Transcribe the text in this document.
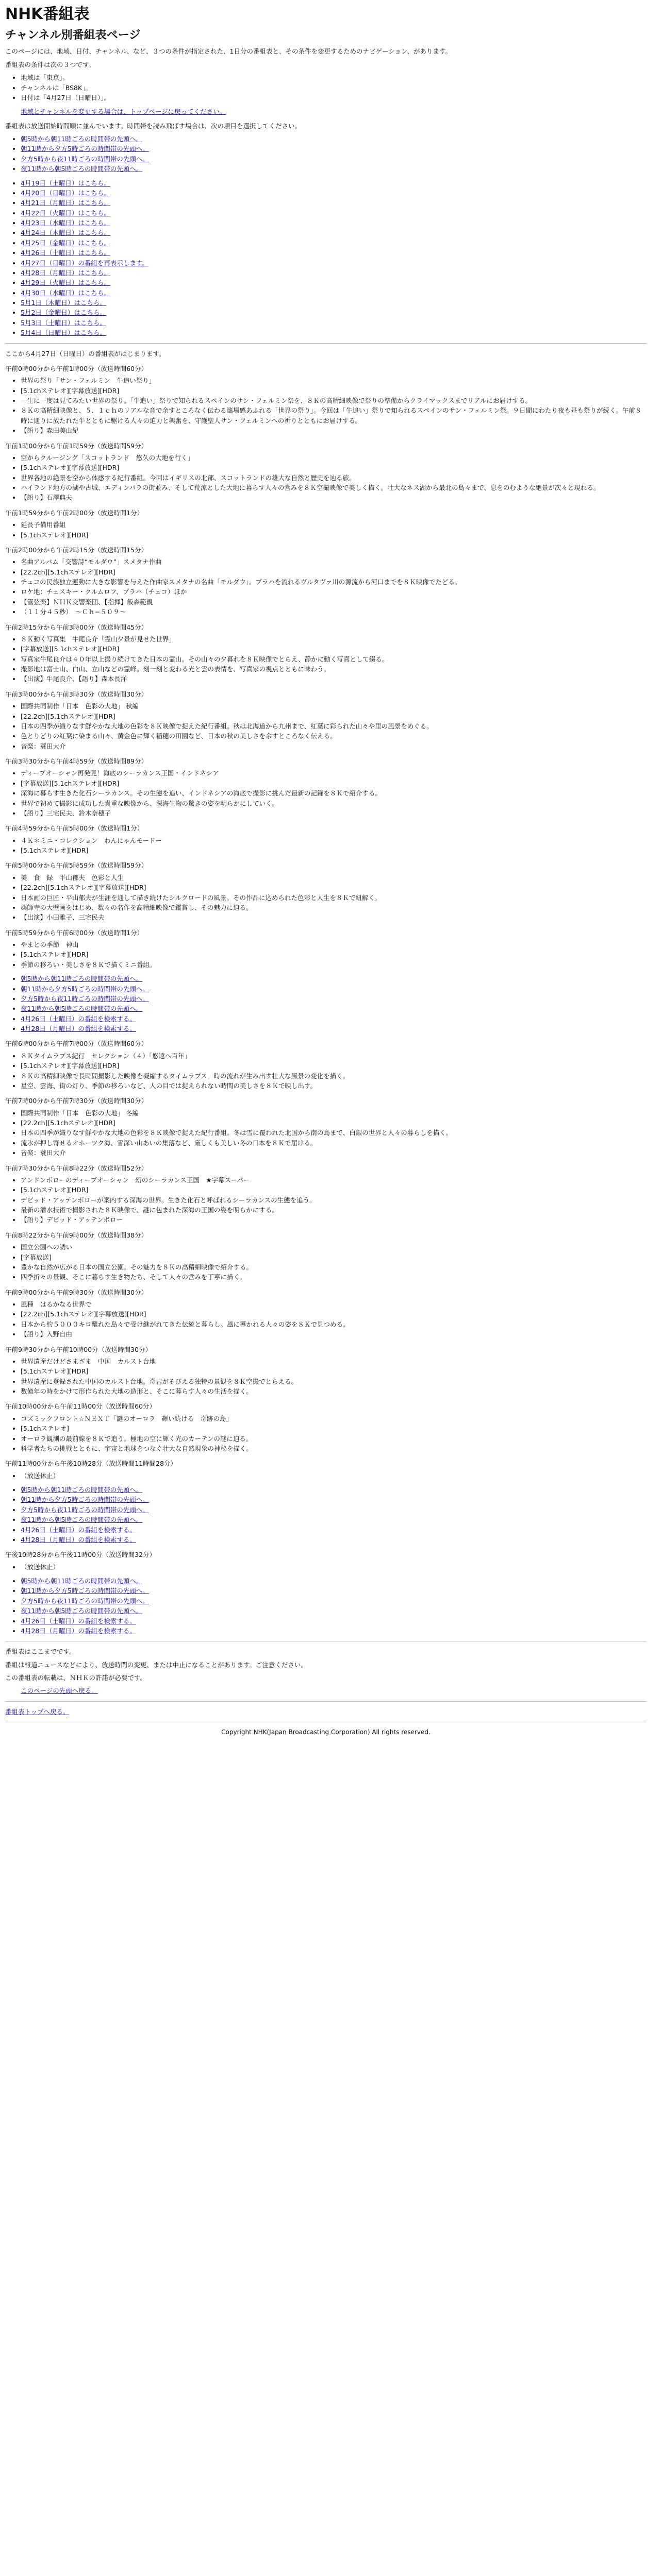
NHK番組表
チャンネル別番組表ページ

このページには、地域、日付、チャンネル、など、３つの条件が指定された、1日分の番組表と、その条件を変更するためのナビゲーション、があります。

番組表の条件は次の３つです。

• 地域は「東京」。
• チャンネルは「BS8K」。
• 日付は「4月27日（日曜日）」。
地域とチャンネルを変更する場合は、トップページに戻ってください。

番組表は放送開始時間順に並んでいます。時間帯を読み飛ばす場合は、次の項目を選択してください。

• 朝5時から朝11時ごろの時間帯の先頭へ。
• 朝11時から夕方5時ごろの時間帯の先頭へ。
• 夕方5時から夜11時ごろの時間帯の先頭へ。
• 夜11時から朝5時ごろの時間帯の先頭へ。
• 4月19日（土曜日）はこちら。
• 4月20日（日曜日）はこちら。
• 4月21日（月曜日）はこちら。
• 4月22日（火曜日）はこちら。
• 4月23日（水曜日）はこちら。
• 4月24日（木曜日）はこちら。
• 4月25日（金曜日）はこちら。
• 4月26日（土曜日）はこちら。
• 4月27日（日曜日）の番組を再表示します。
• 4月28日（月曜日）はこちら。
• 4月29日（火曜日）はこちら。
• 4月30日（水曜日）はこちら。
• 5月1日（木曜日）はこちら。
• 5月2日（金曜日）はこちら。
• 5月3日（土曜日）はこちら。
• 5月4日（日曜日）はこちら。

ここから4月27日（日曜日）の番組表がはじまります。

午前0時00分から午前1時00分（放送時間60分）

• 世界の祭り「サン・フェルミン　牛追い祭り」
• [5.1chステレオ][字幕放送][HDR]
• 一生に一度は見てみたい世界の祭り。「牛追い」祭りで知られるスペインのサン・フェルミン祭を、８Ｋの高精細映像で祭りの準備からクライマックスまでリアルにお届けする。
• ８Ｋの高精細映像と、５．１ｃｈのリアルな音で余すところなく伝わる臨場感あふれる「世界の祭り」。今回は「牛追い」祭りで知られるスペインのサン・フェルミン祭。９日間にわたり夜も昼も祭りが続く。午前８時に通りに放たれた牛とともに駆ける人々の迫力と興奮を、守護聖人サン・フェルミンへの祈りとともにお届けする。
• 【語り】森田美由紀

午前1時00分から午前1時59分（放送時間59分）

• 空からクルージング「スコットランド　悠久の大地を行く」
• [5.1chステレオ][字幕放送][HDR]
• 世界各地の絶景を空から体感する紀行番組。今回はイギリスの北部、スコットランドの雄大な自然と歴史を辿る旅。
• ハイランド地方の湖や古城、エディンバラの街並み、そして荒涼とした大地に暮らす人々の営みを８Ｋ空撮映像で美しく描く。壮大なネス湖から最北の島々まで、息をのむような絶景が次々と現れる。
• 【語り】石澤典夫

午前1時59分から午前2時00分（放送時間1分）

• 延長予備用番組
• [5.1chステレオ][HDR]

午前2時00分から午前2時15分（放送時間15分）

• 名曲アルバム「交響詩“モルダウ”」スメタナ作曲
• [22.2ch][5.1chステレオ][HDR]
• チェコの民族独立運動に大きな影響を与えた作曲家スメタナの名曲「モルダウ」。プラハを流れるヴルタヴァ川の源流から河口までを８Ｋ映像でたどる。
• ロケ地：チェスキー・クルムロフ、プラハ（チェコ）ほか
• 【管弦楽】ＮＨＫ交響楽団、【指揮】飯森範親
• （１１分４５秒）　〜Ｃｈ−５０９〜

午前2時15分から午前3時00分（放送時間45分）

• ８Ｋ動く写真集　牛尾良介「霊山夕景が見せた世界」
• [字幕放送][5.1chステレオ][HDR]
• 写真家牛尾良介は４０年以上撮り続けてきた日本の霊山。その山々の夕暮れを８Ｋ映像でとらえ、静かに動く写真として綴る。
• 撮影地は富士山、白山、立山などの霊峰。刻一刻と変わる光と雲の表情を、写真家の視点とともに味わう。
• 【出演】牛尾良介、【語り】森本長洋

午前3時00分から午前3時30分（放送時間30分）

• 国際共同制作「日本　色彩の大地」 秋編
• [22.2ch][5.1chステレオ][HDR]
• 日本の四季が織りなす鮮やかな大地の色彩を８Ｋ映像で捉えた紀行番組。秋は北海道から九州まで、紅葉に彩られた山々や里の風景をめぐる。
• 色とりどりの紅葉に染まる山々、黄金色に輝く稲穂の田園など、日本の秋の美しさを余すところなく伝える。
• 音楽：蓑田大介

午前3時30分から午前4時59分（放送時間89分）

• ディープオーシャン再発見！海底のシーラカンス王国・インドネシア
• [字幕放送][5.1chステレオ][HDR]
• 深海に暮らす生きた化石シーラカンス。その生態を追い、インドネシアの海底で撮影に挑んだ最新の記録を８Ｋで紹介する。
• 世界で初めて撮影に成功した貴重な映像から、深海生物の驚きの姿を明らかにしていく。
• 【語り】三宅民夫、鈴木奈穂子

午前4時59分から午前5時00分（放送時間1分）

• ４Ｋ＊ミニ・コレクション　わんにゃんモードー
• [5.1chステレオ][HDR]

午前5時00分から午前5時59分（放送時間59分）

• 美　食　録　平山郁夫　色彩と人生
• [22.2ch][5.1chステレオ][字幕放送][HDR]
• 日本画の巨匠・平山郁夫が生涯を通して描き続けたシルクロードの風景。その作品に込められた色彩と人生を８Ｋで紐解く。
• 薬師寺の大壁画をはじめ、数々の名作を高精細映像で鑑賞し、その魅力に迫る。
• 【出演】小田雅子、三宅民夫

午前5時59分から午前6時00分（放送時間1分）

• やまとの季節　神山
• [5.1chステレオ][HDR]
• 季節の移ろい・美しさを８Ｋで描くミニ番組。
• 朝5時から朝11時ごろの時間帯の先頭へ。
• 朝11時から夕方5時ごろの時間帯の先頭へ。
• 夕方5時から夜11時ごろの時間帯の先頭へ。
• 夜11時から朝5時ごろの時間帯の先頭へ。
• 4月26日（土曜日）の番組を検索する。
• 4月28日（月曜日）の番組を検索する。

午前6時00分から午前7時00分（放送時間60分）

• ８Ｋタイムラプス紀行　セレクション（４）「悠遠へ百年」
• [5.1chステレオ][字幕放送][HDR]
• ８Ｋの高精細映像で長時間撮影した映像を凝縮するタイムラプス。時の流れが生み出す壮大な風景の変化を描く。
• 星空、雲海、街の灯り、季節の移ろいなど、人の目では捉えられない時間の美しさを８Ｋで映し出す。

午前7時00分から午前7時30分（放送時間30分）

• 国際共同制作「日本　色彩の大地」 冬編
• [22.2ch][5.1chステレオ][HDR]
• 日本の四季が織りなす鮮やかな大地の色彩を８Ｋ映像で捉えた紀行番組。冬は雪に覆われた北国から南の島まで、白銀の世界と人々の暮らしを描く。
• 流氷が押し寄せるオホーツク海、雪深い山あいの集落など、厳しくも美しい冬の日本を８Ｋで届ける。
• 音楽：蓑田大介

午前7時30分から午前8時22分（放送時間52分）

• アンドンボローのディープオーシャン　幻のシーラカンス王国　★字幕スーパー
• [5.1chステレオ][HDR]
• デビッド・アッテンボローが案内する深海の世界。生きた化石と呼ばれるシーラカンスの生態を追う。
• 最新の潜水技術で撮影された８Ｋ映像で、謎に包まれた深海の王国の姿を明らかにする。
• 【語り】デビッド・アッテンボロー

午前8時22分から午前9時00分（放送時間38分）

• 国立公園への誘い
• [字幕放送]
• 豊かな自然が広がる日本の国立公園。その魅力を８Ｋの高精細映像で紹介する。
• 四季折々の景観、そこに暮らす生き物たち、そして人々の営みを丁寧に描く。

午前9時00分から午前9時30分（放送時間30分）

• 風種　はるかなる世界で
• [22.2ch][5.1chステレオ][字幕放送][HDR]
• 日本から約５０００キロ離れた島々で受け継がれてきた伝統と暮らし。風に導かれる人々の姿を８Ｋで見つめる。
• 【語り】入野自由

午前9時30分から午前10時00分（放送時間30分）

• 世界遺産だけどさまざま　中国　カルスト台地
• [5.1chステレオ][HDR]
• 世界遺産に登録された中国のカルスト台地。奇岩がそびえる独特の景観を８Ｋ空撮でとらえる。
• 数億年の時をかけて形作られた大地の造形と、そこに暮らす人々の生活を描く。

午前10時00分から午前11時00分（放送時間60分）

• コズミックフロント☆ＮＥＸＴ「謎のオーロラ　輝い続ける　奇跡の島」
• [5.1chステレオ]
• オーロラ観測の最前線を８Ｋで追う。極地の空に輝く光のカーテンの謎に迫る。
• 科学者たちの挑戦とともに、宇宙と地球をつなぐ壮大な自然現象の神秘を描く。

午前11時00分から午後10時28分（放送時間11時間28分）

• （放送休止）
• 朝5時から朝11時ごろの時間帯の先頭へ。
• 朝11時から夕方5時ごろの時間帯の先頭へ。
• 夕方5時から夜11時ごろの時間帯の先頭へ。
• 夜11時から朝5時ごろの時間帯の先頭へ。
• 4月26日（土曜日）の番組を検索する。
• 4月28日（月曜日）の番組を検索する。

午後10時28分から午後11時00分（放送時間32分）

• （放送休止）
• 朝5時から朝11時ごろの時間帯の先頭へ。
• 朝11時から夕方5時ごろの時間帯の先頭へ。
• 夕方5時から夜11時ごろの時間帯の先頭へ。
• 夜11時から朝5時ごろの時間帯の先頭へ。
• 4月26日（土曜日）の番組を検索する。
• 4月28日（月曜日）の番組を検索する。

番組表はここまでです。

番組は報道ニュースなどにより、放送時間の変更、または中止になることがあります。ご注意ください。

この番組表の転載は、ＮＨＫの許諾が必要です。

このページの先頭へ戻る。

番組表トップへ戻る。

Copyright NHK(Japan Broadcasting Corporation) All rights reserved.
